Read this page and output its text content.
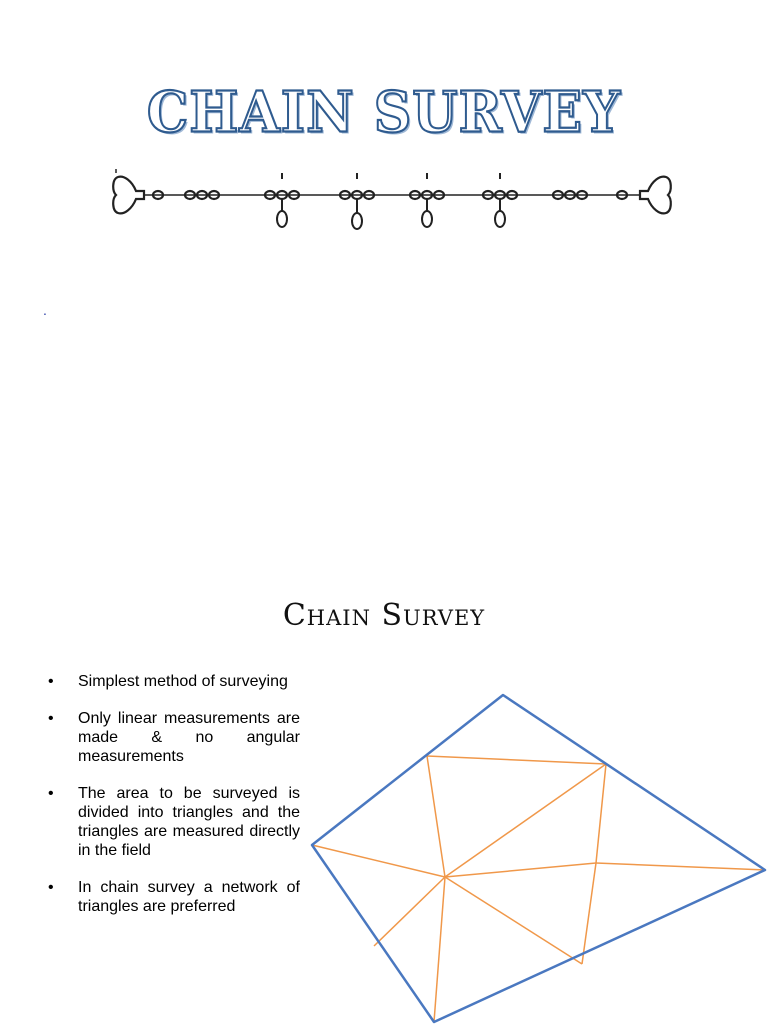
CHAIN SURVEY
.
Chain Survey
• Simplest method of surveying
• Only linear measurements are made & no angular measurements
• The area to be surveyed is divided into triangles and the triangles are measured directly in the field
• In chain survey a network of triangles are preferred
